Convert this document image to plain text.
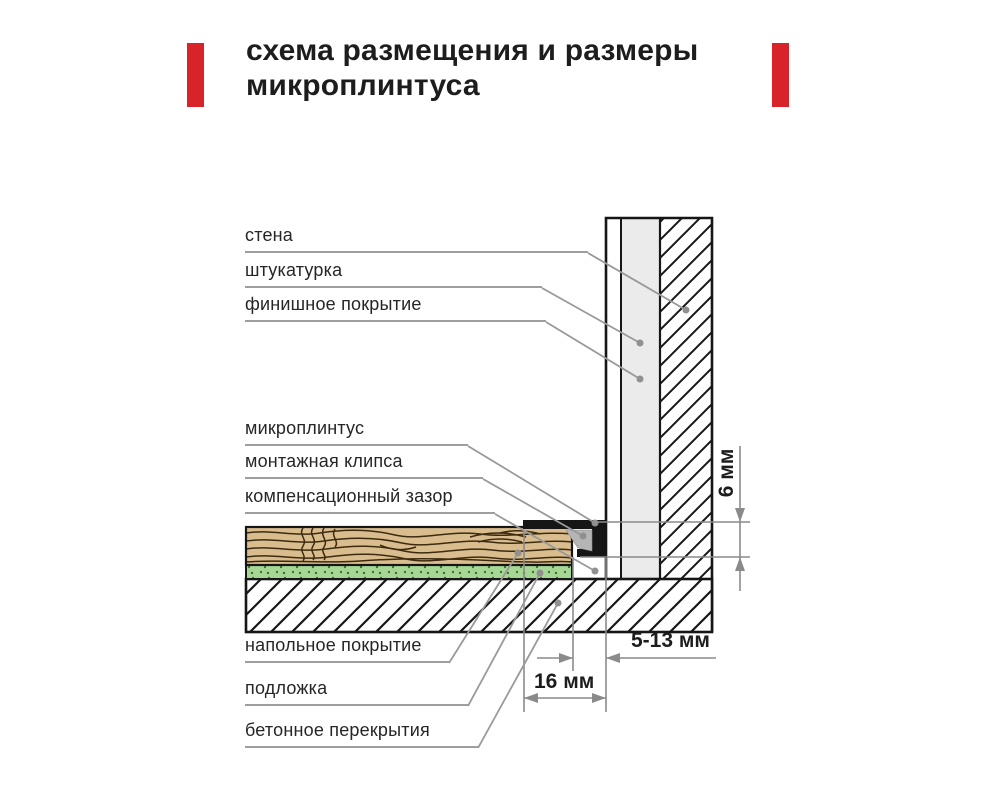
схема размещения и размеры
микроплинтуса
стена
штукатурка
финишное покрытие
микроплинтус
монтажная клипса
компенсационный зазор
напольное покрытие
подложка
бетонное перекрытия
6 мм
5-13 мм
16 мм
